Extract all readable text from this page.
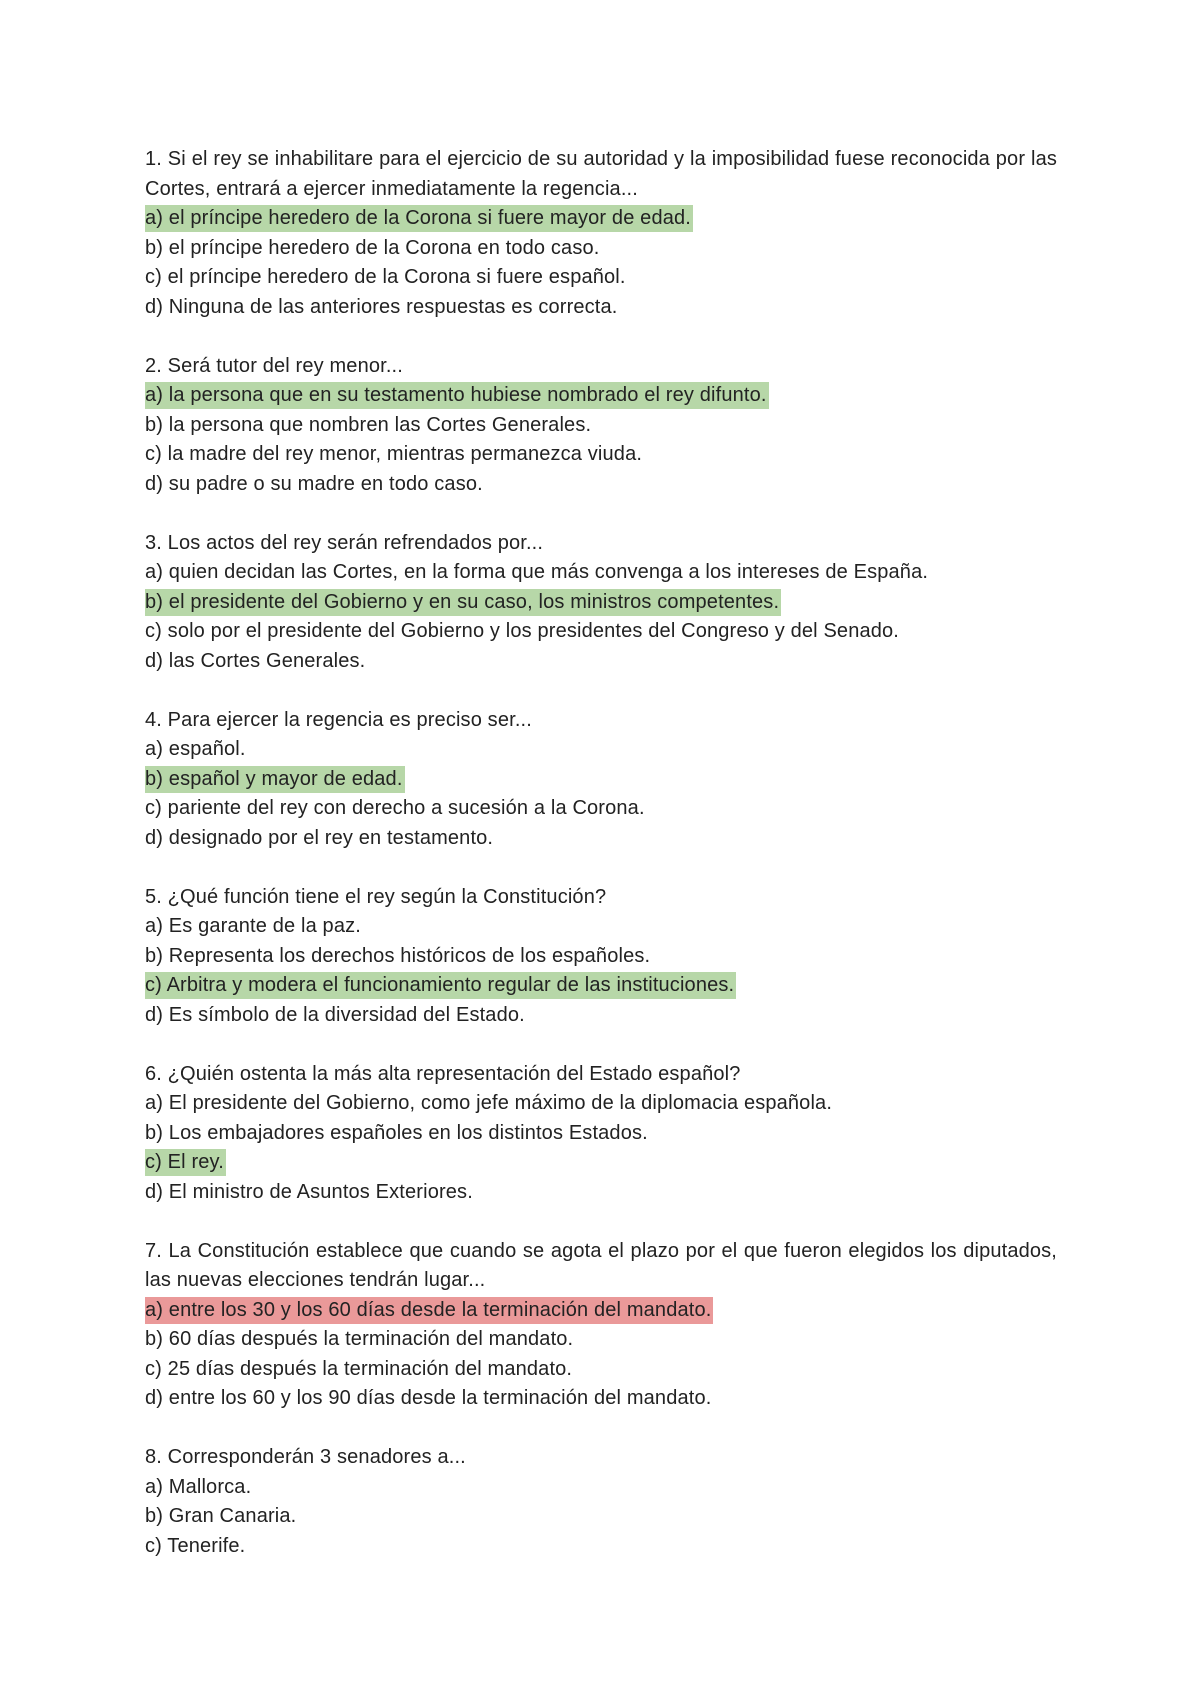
1. Si el rey se inhabilitare para el ejercicio de su autoridad y la imposibilidad fuese reconocida por las Cortes, entrará a ejercer inmediatamente la regencia...
a) el príncipe heredero de la Corona si fuere mayor de edad.
b) el príncipe heredero de la Corona en todo caso.
c) el príncipe heredero de la Corona si fuere español.
d) Ninguna de las anteriores respuestas es correcta.
2. Será tutor del rey menor...
a) la persona que en su testamento hubiese nombrado el rey difunto.
b) la persona que nombren las Cortes Generales.
c) la madre del rey menor, mientras permanezca viuda.
d) su padre o su madre en todo caso.
3. Los actos del rey serán refrendados por...
a) quien decidan las Cortes, en la forma que más convenga a los intereses de España.
b) el presidente del Gobierno y en su caso, los ministros competentes.
c) solo por el presidente del Gobierno y los presidentes del Congreso y del Senado.
d) las Cortes Generales.
4. Para ejercer la regencia es preciso ser...
a) español.
b) español y mayor de edad.
c) pariente del rey con derecho a sucesión a la Corona.
d) designado por el rey en testamento.
5. ¿Qué función tiene el rey según la Constitución?
a) Es garante de la paz.
b) Representa los derechos históricos de los españoles.
c) Arbitra y modera el funcionamiento regular de las instituciones.
d) Es símbolo de la diversidad del Estado.
6. ¿Quién ostenta la más alta representación del Estado español?
a) El presidente del Gobierno, como jefe máximo de la diplomacia española.
b) Los embajadores españoles en los distintos Estados.
c) El rey.
d) El ministro de Asuntos Exteriores.
7. La Constitución establece que cuando se agota el plazo por el que fueron elegidos los diputados, las nuevas elecciones tendrán lugar...
a) entre los 30 y los 60 días desde la terminación del mandato.
b) 60 días después la terminación del mandato.
c) 25 días después la terminación del mandato.
d) entre los 60 y los 90 días desde la terminación del mandato.
8. Corresponderán 3 senadores a...
a) Mallorca.
b) Gran Canaria.
c) Tenerife.
